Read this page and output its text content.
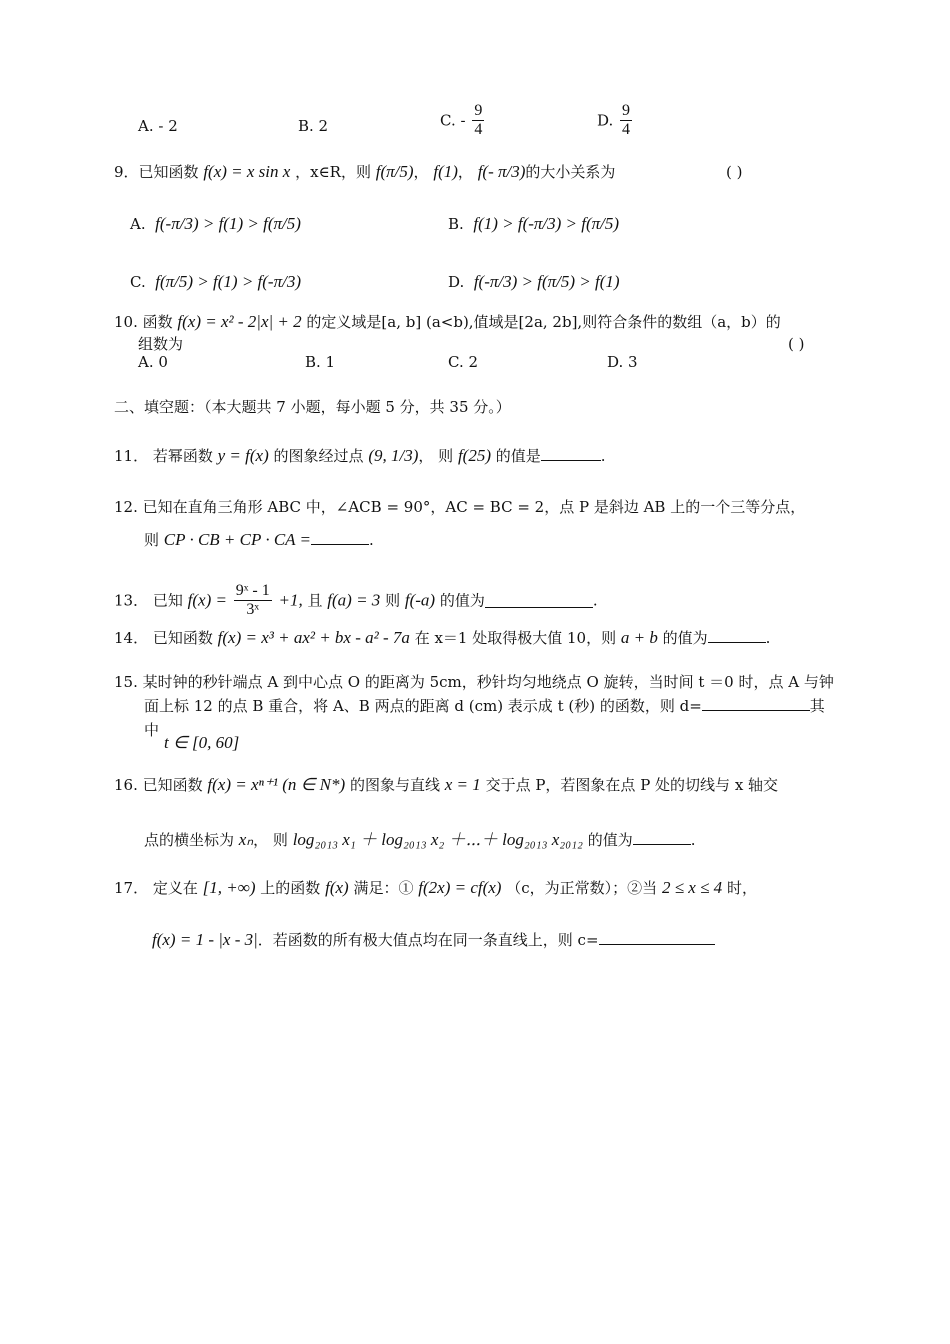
A. - 2	B. 2	C. - $\frac{9}{4}$	D. $\frac{9}{4}$
9．已知函数 f(x) = x sin x ，x∈R，则 f(π/5)， f(1)， f(- π/3)的大小关系为	( )
A. f(-π/3) > f(1) > f(π/5)	B. f(1) > f(-π/3) > f(π/5)
C. f(π/5) > f(1) > f(-π/3)	D. f(-π/3) > f(π/5) > f(1)
10. 函数 f(x) = x² - 2|x| + 2 的定义域是[a, b] (a<b),值域是[2a, 2b],则符合条件的数组（a，b）的
组数为	( )
A. 0	B. 1	C. 2	D. 3
二、填空题：（本大题共 7 小题，每小题 5 分，共 35 分。）
11． 若幂函数 y = f(x) 的图象经过点 (9, 1/3)， 则 f(25) 的值是	.
12. 已知在直角三角形 ABC 中，∠ACB = 90°，AC = BC = 2，点 P 是斜边 AB 上的一个三等分点，
则 CP · CB + CP · CA =	.
13． 已知 $f(x) = \frac{\text{9ˣ - 1}}{\text{3ˣ}} +1$, 且 f(a) = 3 则 f(-a) 的值为	.
14． 已知函数 f(x) = x³ + ax² + bx - a² - 7a 在 x＝1 处取得极大值 10，则 a + b 的值为	.
15. 某时钟的秒针端点 A 到中心点 O 的距离为 5cm，秒针均匀地绕点 O 旋转，当时间 t ＝0 时，点 A 与钟
面上标 12 的点 B 重合，将 A、B 两点的距离 d (cm) 表示成 t (秒) 的函数，则 d=	其
中
t ∈ [0, 60]
16. 已知函数 f(x) = xⁿ⁺¹ (n ∈ N*) 的图象与直线 x = 1 交于点 P，若图象在点 P 处的切线与 x 轴交
点的横坐标为 xₙ， 则 log₂₀₁₃ x₁ ＋ log₂₀₁₃ x₂ ＋⋯＋ log₂₀₁₃ x₂₀₁₂ 的值为	.
17． 定义在 [1, +∞) 上的函数 f(x) 满足：① f(2x) = cf(x) （c，为正常数）；②当 2 ≤ x ≤ 4 时，
f(x) = 1 - |x - 3|．若函数的所有极大值点均在同一条直线上，则 c=
